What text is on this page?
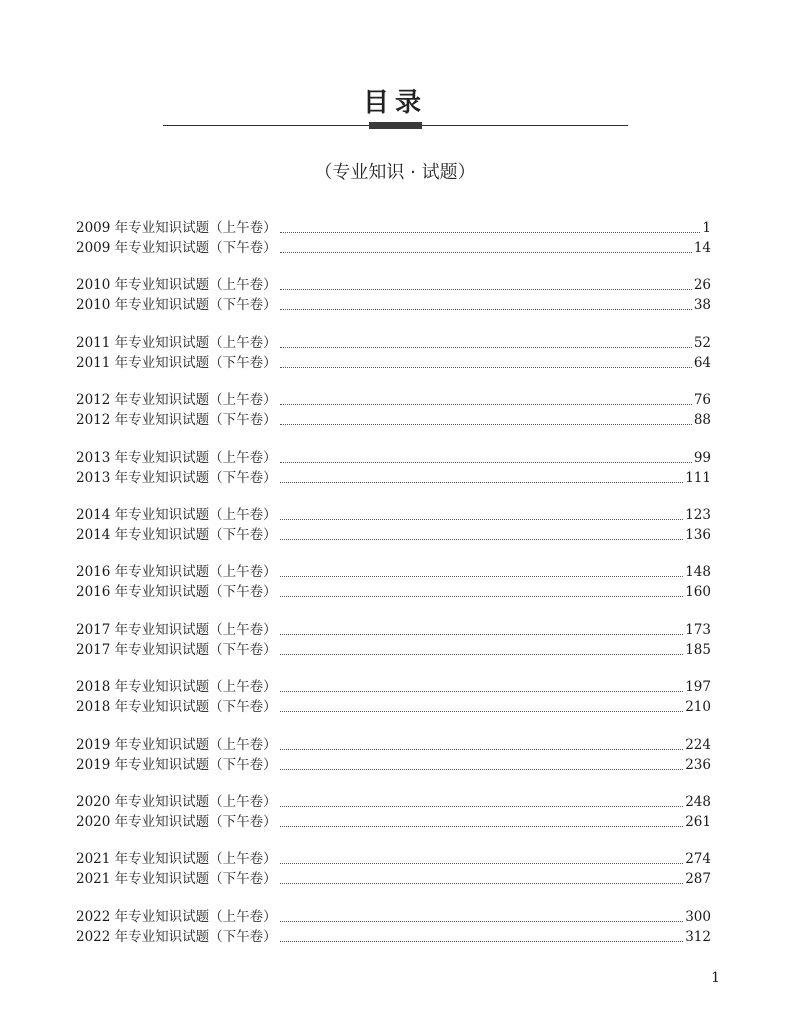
目录
（专业知识 · 试题）
2009 年专业知识试题（上午卷）	1
2009 年专业知识试题（下午卷）	14
2010 年专业知识试题（上午卷）	26
2010 年专业知识试题（下午卷）	38
2011 年专业知识试题（上午卷）	52
2011 年专业知识试题（下午卷）	64
2012 年专业知识试题（上午卷）	76
2012 年专业知识试题（下午卷）	88
2013 年专业知识试题（上午卷）	99
2013 年专业知识试题（下午卷）	111
2014 年专业知识试题（上午卷）	123
2014 年专业知识试题（下午卷）	136
2016 年专业知识试题（上午卷）	148
2016 年专业知识试题（下午卷）	160
2017 年专业知识试题（上午卷）	173
2017 年专业知识试题（下午卷）	185
2018 年专业知识试题（上午卷）	197
2018 年专业知识试题（下午卷）	210
2019 年专业知识试题（上午卷）	224
2019 年专业知识试题（下午卷）	236
2020 年专业知识试题（上午卷）	248
2020 年专业知识试题（下午卷）	261
2021 年专业知识试题（上午卷）	274
2021 年专业知识试题（下午卷）	287
2022 年专业知识试题（上午卷）	300
2022 年专业知识试题（下午卷）	312
1
